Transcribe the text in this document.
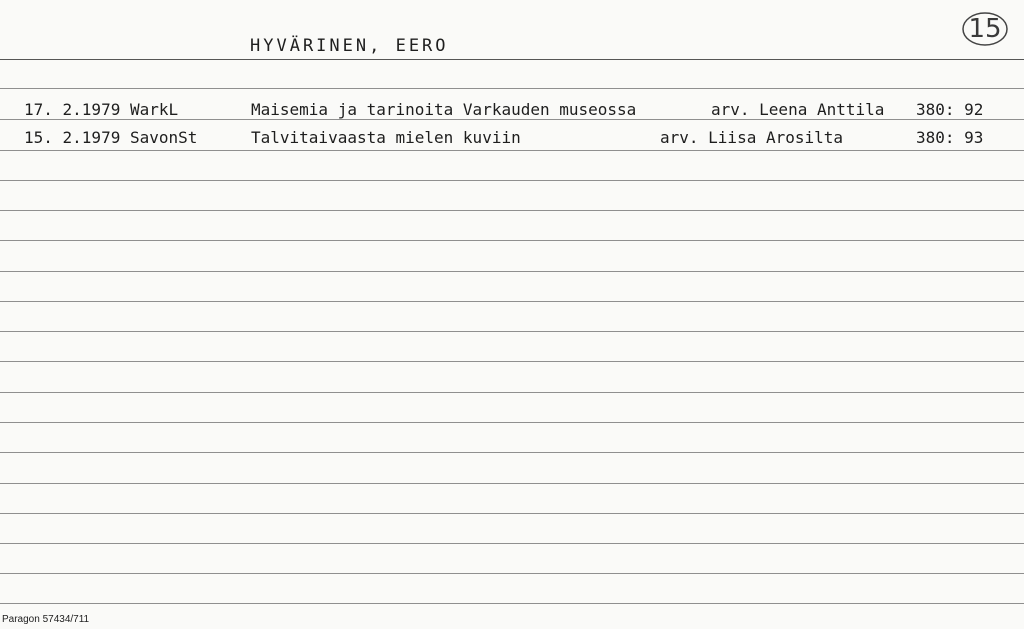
HYVÄRINEN, EERO
15
17. 2.1979 WarkL	Maisemia ja tarinoita Varkauden museossa	arv. Leena Anttila 380: 92
15. 2.1979 SavonSt	Talvitaivaasta mielen kuviin	arv. Liisa Arosilta	380: 93
Paragon 57434/711
